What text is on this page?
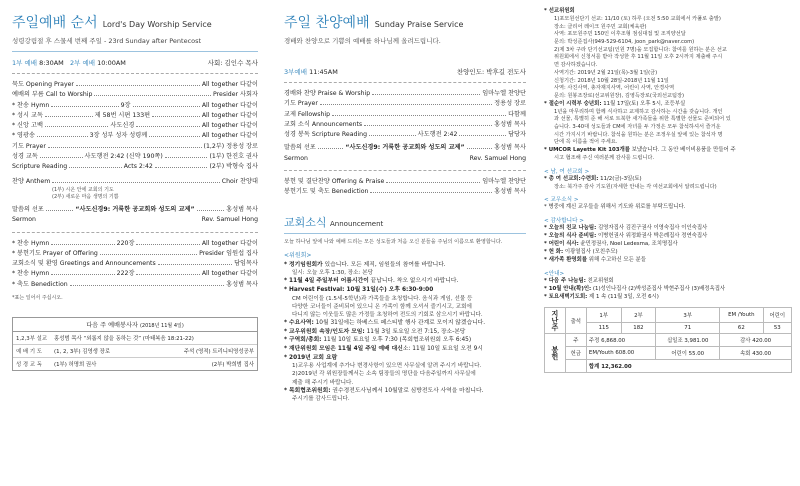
주일예배 순서 Lord's Day Worship Service
성령강림절 후 스물세 번째 주일 - 23rd Sunday after Pentecost
1부 예배 8:30AM 2부 예배 10:00AM	사회: 김인수 목사
묵도 Opening Prayer	All together 다같이
예배의 부름 Call to Worship	Presider 사회자
* 찬송 Hymn	9장	All together 다같이
* 성시 교독	제 58번 시편 133편	All together 다같이
* 신앙 고백	사도신경	All together 다같이
* 영광송	3장 성부 성자 성령께	All together 다같이
기도 Prayer	(1,2부) 정용성 장로
성경 교독	사도행전 2:42 (신약 190쪽)	(1부) 한진호 권사
Scripture Reading	Acts 2:42	(2부) 박형숙 집사
찬양 Anthem	Choir 찬양대
(1부) 시온 안에 교회의 기도
(2부) 새로운 마음 생명의 기쁨
말씀의 선포	“사도신경9: 거룩한 공교회와 성도의 교제”	홍성범 목사
Sermon	Rev. Samuel Hong
* 찬송 Hymn	220장	All together 다같이
* 봉헌기도 Prayer of Offering	Presider 임원섭 집사
교회소식 및 환영 Greetings and Announcements	담임목사
* 찬송 Hymn	222장	All together 다같이
* 축도 Benediction	홍성범 목사
*표는 일어서 주십시오.
다음 주 예배봉사자 (2018년 11월 4일)
1,2,3부 설교	홍성범 목사 “외롭지 않을 동하는 것” (마태복음 18:21-22)
예 배 기 도	(1, 2, 3부) 김영생 장로	주석 (영적) 트리니티영성공부
성 경 교 독	(1부) 허명희 권사	(2부) 박희범 집사
주일 찬양예배 Sunday Praise Service
경배와 찬양으로 기쁨의 예배를 하나님께 올려드립니다.
3부예배 11:45AM	찬양인도: 박후길 전도사
경배와 찬양 Praise & Worship	임마누엘 찬양단
기도 Prayer	정용성 장로
교제 Fellowship	다함께
교회 소식 Announcements	홍성범 목사
성경 봉독 Scripture Reading	사도행전 2:42	담당자
말씀의 선포	“사도신경9: 거룩한 공교회와 성도의 교제”	홍성범 목사
Sermon	Rev. Samuel Hong
봉헌 및 결단찬양 Offering & Praise	임마누엘 찬양단
봉헌기도 및 축도 Benediction	홍성범 목사
교회소식 Announcement
오늘 하나님 앞에 나와 예배 드리는 모든 성도들과 처음 오신 분들을 주님의 이름으로 환영합니다.
<위원회>
* 정기임원회가 있습니다. 모든 제직, 임원들의 참여를 바랍니다.
일시: 오늘 오후 1:30, 장소: 본당
* 11월 4일 주일부터 어름시간이 끝납니다. 착오 없으시기 바랍니다.
* Harvest Festival: 10월 31일(수) 오후 6:30-9:00
CM 어린이들 (1.5세-5학년)과 가족들을 초청합니다. 음식과 게임, 선물 등
다양한 코너들이 준비되어 있으니 온 가족이 함께 오셔서 즐기시고, 교회에
다니지 않는 이웃들도 많은 가정들 초청하여 전도의 기회로 삼으시기 바랍니다.
* 수요사역: 10월 31일에는 하베스트 페스티발 행사 관계로 모이지 않겠습니다.
* 교우위원회 속장/인도자 모임: 11월 3일 토요일 오전 7:15, 장소-본당
* 구역회/총회: 11월 10일 토요일 오후 7:30 (목회협조위원회 오후 6:45)
* 재단위원회 모임은 11월 4일 주일 예배 대신소: 11월 10일 토요일 오전 9시
* 2019년 교회 요람
1)교우용 사업계에 추가나 변경사항이 있으면 사무실에 알려 주시기 바랍니다.
2)2019년 각 위원장들께서는 소속 팀장들의 명단을 다음주일까지 사무실에
제출 해 주시기 바랍니다.
* 목회협조위원회: 권수경전도사님께서 10월말로 심방전도사 사역을 마칩니다.
주시기를 감사드립니다.
* 선교위원회
1)포모원선단기 선교: 11/10 (토) 하루 (오전 5:50 교회에서 카풀로 출발)
장소: 클리어 레이크 원주민 교회(체육관)
사역: 포모원주민 150인 이후조형 점심대접 및 조직양선달
문의: 박성준집사(949-529-6104, joon_park@naver.com)
2)제 3차 구라 단기선교팀(인원 7명)을 모집합니다: 참여를 원하는 분은 선교
위원회에서 신청서를 받아 작성한 후 11월 11일 오후 2시까지 제출해 주시
면 감사하겠습니다.
사역기간: 2019년 2월 21일(목)-3월 1일(금)
신청기간: 2018년 10월 28일-2018년 11월 11일
사역: 사진사역, 총자재지사역, 어린이 사역, 안경사역
문의: 원봉조장로(선교위원장), 김영득장로(국외선교팀장)
* 절순이 시력부 숭년회: 11월 17일(토) 오후 5시, 조등부실
1년을 마무리하며 함께 식사하고 교제하고 감사하는 시간을 갖습니다. 개인
과 선물, 특별히 준 해 서로 트북한 새가족들을 위한 특별한 선물도 준비되어 있
습니다. 3-40대 성도들과 CM에 자녀를 두 가정은 모두 참석하셔서 즐거운
시간 가지시기 바랍니다. 참석을 원하는 분은 조정우실 앞에 있는 참석자 명
단에 꼭 이름을 적어 주세요.
* UMCOR Layette Kit 103개를 보냈습니다. 그 동안 베이비용품을 만들어 주
시고 협조해 주신 여러분께 감사를 드립니다.
< 남, 여 선교회 >
* 총 여 선교회:수련회: 11/2(금)-3일(토)
장소: 북가주 감사 기도원(자세한 안내는 각 여선교회에서 알려드립니다)
< 교우소식 >
* 병중에 계신 교우들을 위해서 기도와 위로를 부탁드립니다.
< 감사합니다 >
* 오늘의 친교 나눔팀: 김영자집사 김진구권사 이영숙집사 이인숙집사
* 오늘의 식사 준비팀: 이병헌권사 위정화권사 박은례집사 정연숙집사
* 어린이 식사: 윤민정권사, Noel Ledesma, 조치명집사
* 헌 화: 이광열집사 (모친추모)
* 새가족 환영회를 위해 수고하신 모든 분들
<안내>
* 다음 주 나눔팀: 친교위원회
* 10월 안내(확)인: (1)성인나집사 (2)박성준집사 박현주집사 (3)배정옥집사
* 토요새벽기도회: 제 1 속 (11월 3일, 오전 6시)
지난주	출석	1부	2부	3부	EM /Youth	어린이
		115	182	71	62	53
봉헌	주	주정 6,868.00		십일조 3,981.00	감사 420.00	
	헌금	EM/Youth 608.00		어린이 55.00	속회 430.00	
		합계 12,362.00				
